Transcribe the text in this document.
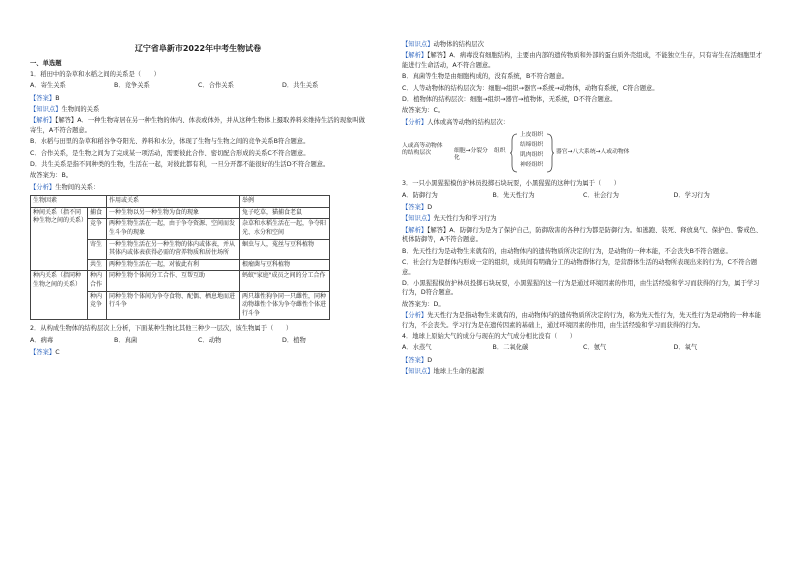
辽宁省阜新市2022年中考生物试卷
一、单选题

1．稻田中的杂草和水稻之间的关系是（　　）

A．寄生关系	B．竞争关系	C．合作关系	D．共生关系

【答案】B

【知识点】生物间的关系

【解析】【解答】A．一种生物寄居在另一种生物的体内、体表或体外，并从这种生物体上摄取养料来维持生活的现象叫做寄生，A不符合题意。

B．水稻与田里的杂草和稻谷争夺阳光、养料和水分，体现了生物与生物之间的竞争关系B符合题意。

C．合作关系，是生物之间为了完成某一项活动，需要彼此合作、密切配合形成的关系C不符合题意。

D．共生关系是指不同种类的生物，生活在一起，对彼此都有利，一旦分开都不能很好的生活D不符合题意。

故答案为：B。

【分析】生物间的关系：

生物因素		作用或关系	举例
种间关系（指不同种生物之间的关系）	捕食	一种生物以另一种生物为食的现象	兔子吃草，猫捕食老鼠
	竞争	两种生物生活在一起，由于争夺资源、空间而发生斗争的现象	杂草和水稻生活在一起，争夺阳光、水分和空间
	寄生	一种生物生活在另一种生物的体内或体表，并从其体内或体表获得必需的营养物质和居住场所	蛔虫与人，菟丝与豆科植物
	共生	两种生物生活在一起，对彼此有利	根瘤菌与豆科植物
种内关系（指同种生物之间的关系）	种内合作	同种生物个体间分工合作、互帮互助	蚂蚁"家庭"成员之间的分工合作
	种内竞争	同种生物个体间为争夺食物、配偶、栖息地而进行斗争	两只雄性狗争同一只雌性，同种动物雄性个体为争夺雌性个体进行斗争

2．从构成生物体的结构层次上分析，下面某种生物比其他三种少一层次，该生物属于（　　）

A．病毒	B．真菌	C．动物	D．植物

【答案】C

【知识点】动物体的结构层次

【解析】【解答】A．病毒没有细胞结构，主要由内部的遗传物质和外部的蛋白质外壳组成，不能独立生存，只有寄生在活细胞里才能进行生命活动，A不符合题意。

B．真菌等生物是由细胞构成的，没有系统，B不符合题意。

C．人等动物体的结构层次为：细胞→组织→器官→系统→动物体，动物有系统，C符合题意。

D．植物体的结构层次：细胞→组织→器官→植物体，无系统，D不符合题意。

故答案为：C。

【分析】人体或高等动物的结构层次：

人或高等动物体的结构层次	细胞→分裂分化
组织
上皮组织
结缔组织
肌肉组织
神经组织
器官→八大系统→人或动物体

3．一只小黑猩猩模仿护林员投掷石块玩耍，小黑猩猩的这种行为属于（　　）

A．防御行为	B．先天性行为	C．社会行为	D．学习行为

【答案】D

【知识点】先天性行为和学习行为

【解析】【解答】A．防御行为是为了保护自己，防御敌害的各种行为都是防御行为。如逃跑、装死、释放臭气、保护色、警戒色、机体防御等，A不符合题意。

B．先天性行为是动物生来就有的，由动物体内的遗传物质所决定的行为，是动物的一种本能，不会丧失B不符合题意。

C．社会行为是群体内形成一定的组织，成员间有明确分工的动物群体行为，是营群体生活的动物所表现出来的行为，C不符合题意。

D．小黑猩猩模仿护林员投掷石块玩耍，小黑猩猩的这一行为是通过环境因素的作用，由生活经验和学习而获得的行为，属于学习行为，D符合题意。

故答案为：D。

【分析】先天性行为是指动物生来就有的，由动物体内的遗传物质所决定的行为，称为先天性行为，先天性行为是动物的一种本能行为，不会丧失。学习行为是在遗传因素的基础上，通过环境因素的作用，由生活经验和学习而获得的行为。

4．地球上原始大气的成分与现在的大气成分相比没有（　　）

A．水蒸气	B．二氧化碳	C．氨气	D．氧气

【答案】D

【知识点】地球上生命的起源
